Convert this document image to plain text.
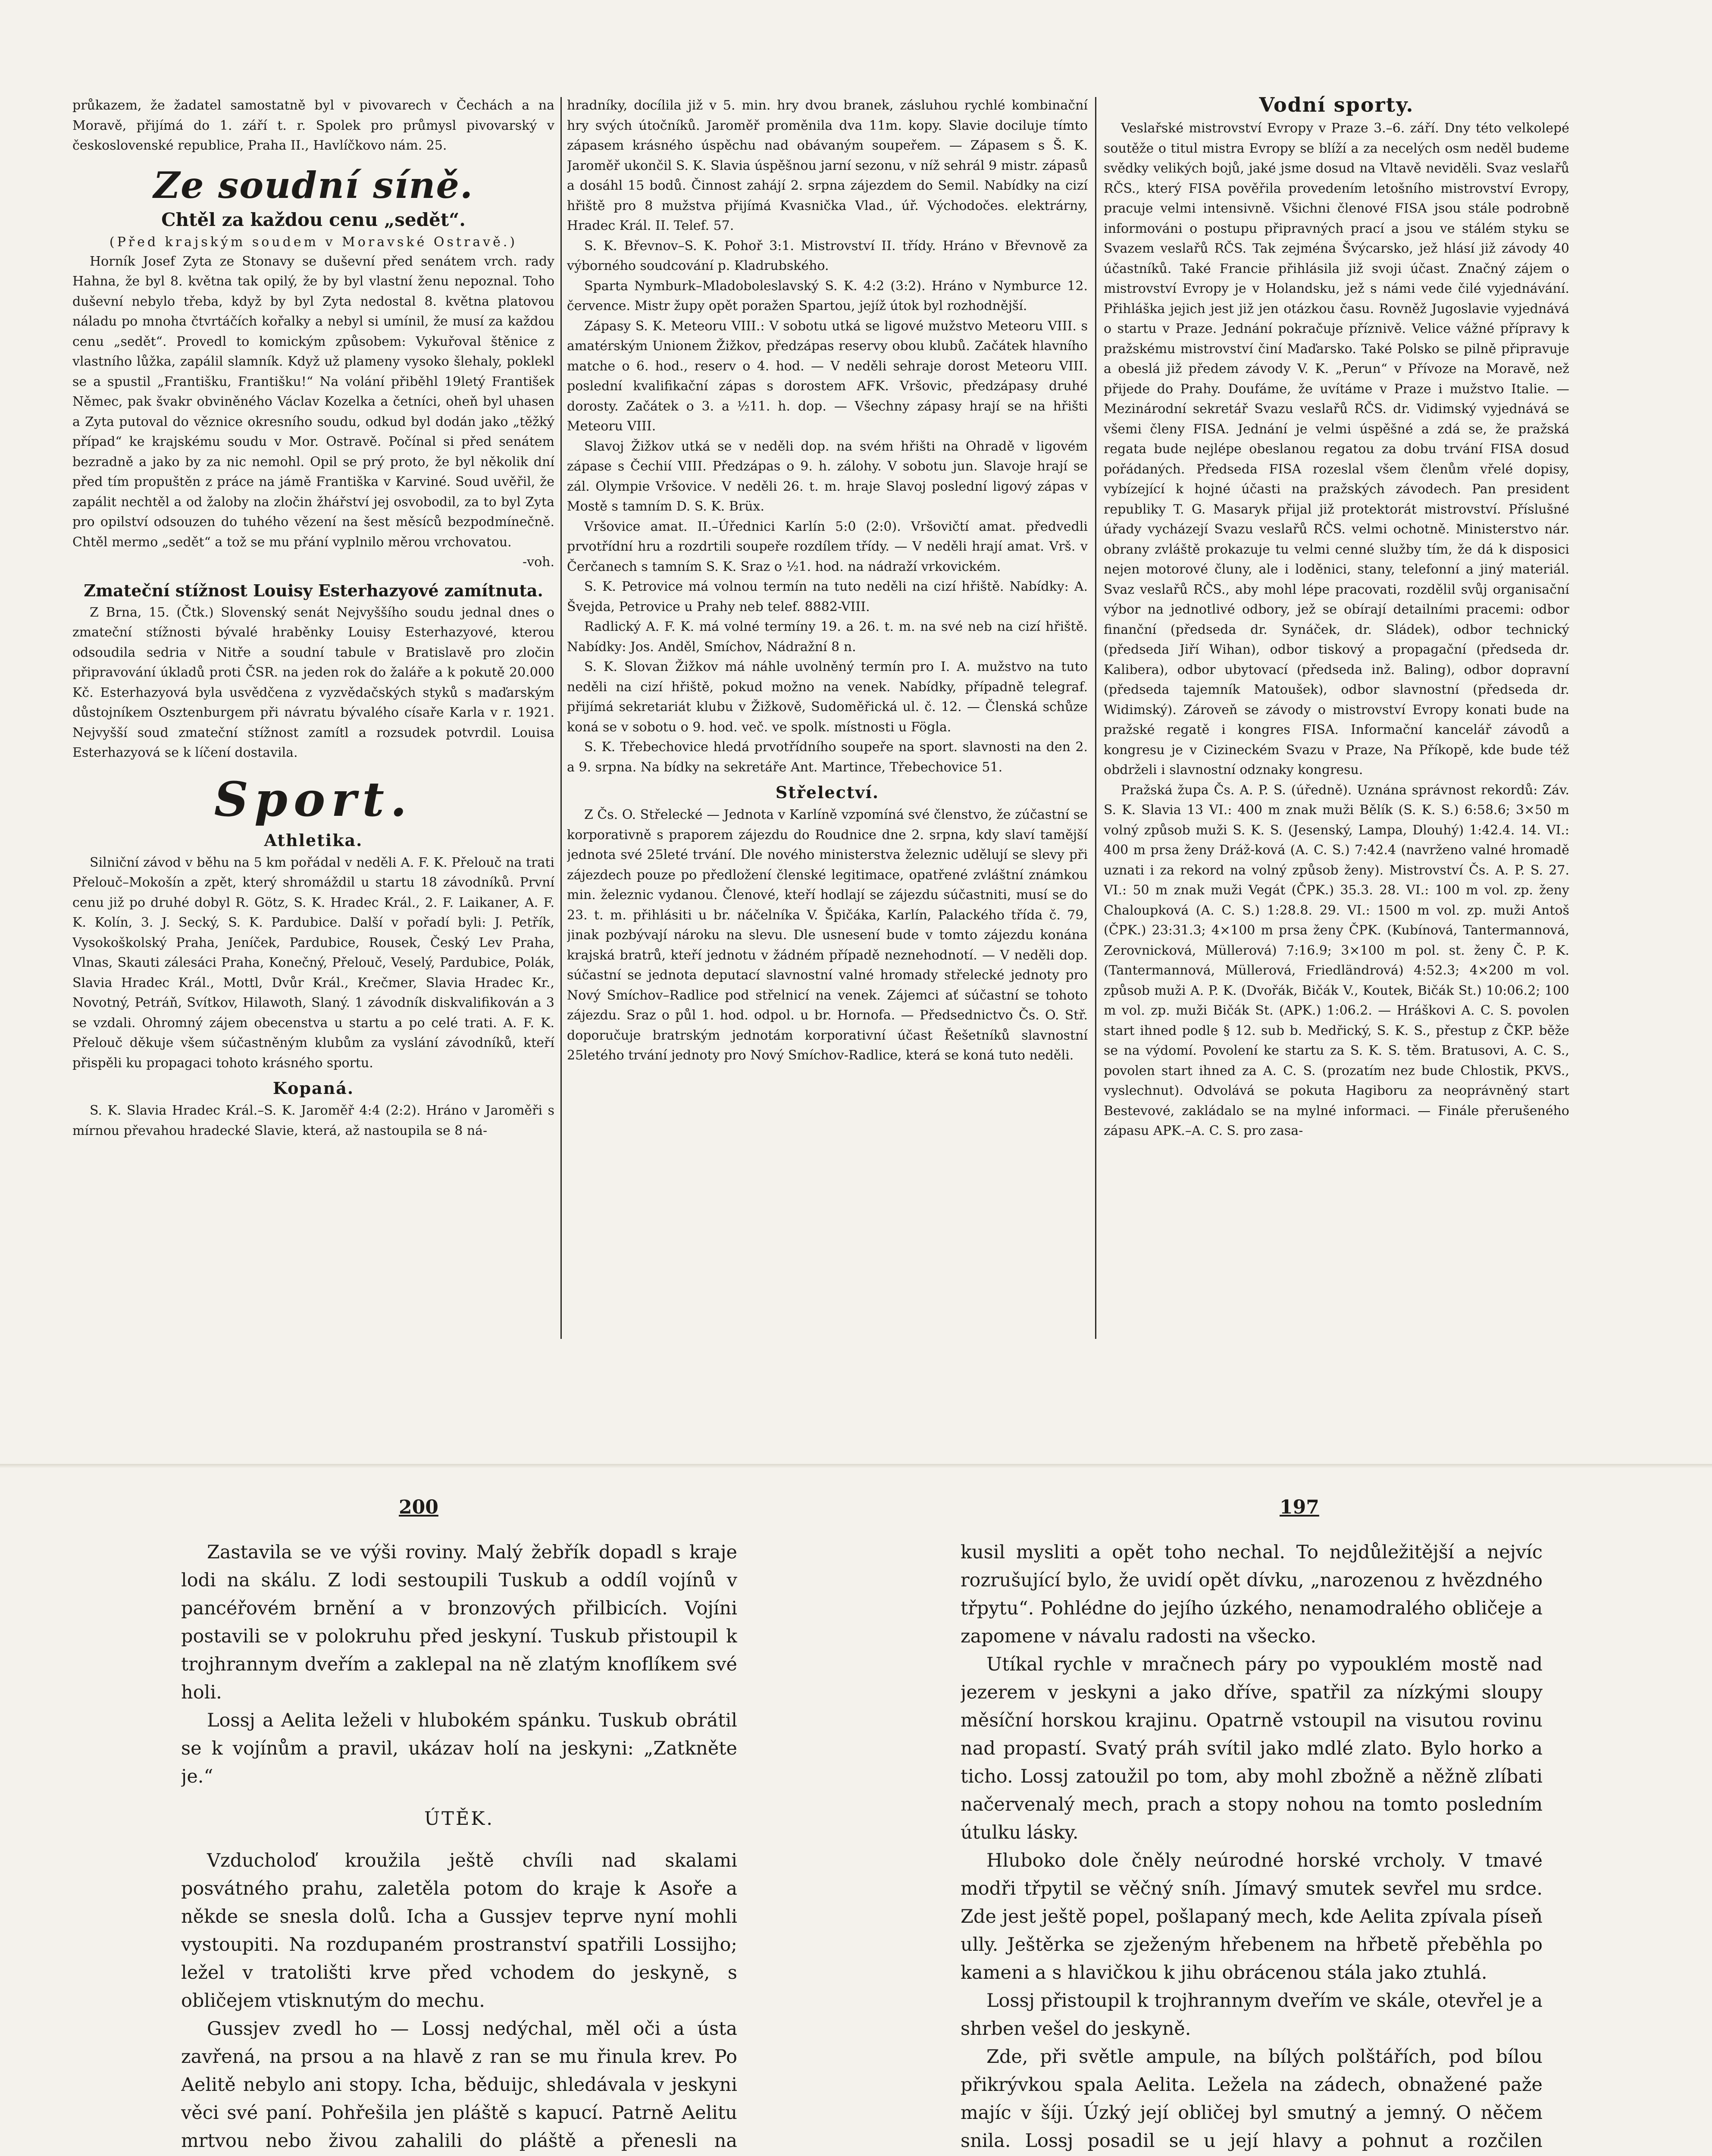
průkazem, že žadatel samostatně byl v pivovarech v Čechách a na Moravě, přijímá do 1. září t. r. Spolek pro průmysl pivovarský v československé republice, Praha II., Havlíčkovo nám. 25.

Ze soudní síně.
Chtěl za každou cenu „sedět“.
(Před krajským soudem v Moravské Ostravě.)

Horník Josef Zyta ze Stonavy se duševní před senátem vrch. rady Hahna, že byl 8. května tak opilý, že by byl vlastní ženu nepoznal. Toho duševní nebylo třeba, když by byl Zyta nedostal 8. května platovou náladu po mnoha čtvrtáčích kořalky a nebyl si umínil, že musí za každou cenu „sedět“. Provedl to komickým způsobem: Vykuřoval štěnice z vlastního lůžka, zapálil slamník. Když už plameny vysoko šlehaly, poklekl se a spustil „Františku, Františku!“ Na volání přiběhl 19letý František Němec, pak švakr obviněného Václav Kozelka a četníci, oheň byl uhasen a Zyta putoval do věznice okresního soudu, odkud byl dodán jako „těžký případ“ ke krajskému soudu v Mor. Ostravě. Počínal si před senátem bezradně a jako by za nic nemohl. Opil se prý proto, že byl několik dní před tím propuštěn z práce na jámě Františka v Karviné. Soud uvěřil, že zapálit nechtěl a od žaloby na zločin žhářství jej osvobodil, za to byl Zyta pro opilství odsouzen do tuhého vězení na šest měsíců bezpodmínečně. Chtěl mermo „sedět“ a tož se mu přání vyplnilo měrou vrchovatou.

-voh.
Zmateční stížnost Louisy Esterhazyové zamítnuta.

Z Brna, 15. (Čtk.) Slovenský senát Nejvyššího soudu jednal dnes o zmateční stížnosti bývalé hraběnky Louisy Esterhazyové, kterou odsoudila sedria v Nitře a soudní tabule v Bratislavě pro zločin připravování úkladů proti ČSR. na jeden rok do žaláře a k pokutě 20.000 Kč. Esterhazyová byla usvědčena z vyzvědačských styků s maďarským důstojníkem Osztenburgem při návratu bývalého císaře Karla v r. 1921. Nejvyšší soud zmateční stížnost zamítl a rozsudek potvrdil. Louisa Esterhazyová se k líčení dostavila.

Sport.
Athletika.

Silniční závod v běhu na 5 km pořádal v neděli A. F. K. Přelouč na trati Přelouč–Mokošín a zpět, který shromáždil u startu 18 závodníků. První cenu již po druhé dobyl R. Götz, S. K. Hradec Král., 2. F. Laikaner, A. F. K. Kolín, 3. J. Secký, S. K. Pardubice. Další v pořadí byli: J. Petřík, Vysokoškolský Praha, Jeníček, Pardubice, Rousek, Český Lev Praha, Vlnas, Skauti zálesáci Praha, Konečný, Přelouč, Veselý, Pardubice, Polák, Slavia Hradec Král., Mottl, Dvůr Král., Krečmer, Slavia Hradec Kr., Novotný, Petráň, Svítkov, Hilawoth, Slaný. 1 závodník diskvalifikován a 3 se vzdali. Ohromný zájem obecenstva u startu a po celé trati. A. F. K. Přelouč děkuje všem súčastněným klubům za vyslání závodníků, kteří přispěli ku propagaci tohoto krásného sportu.

Kopaná.

S. K. Slavia Hradec Král.–S. K. Jaroměř 4:4 (2:2). Hráno v Jaroměři s mírnou převahou hradecké Slavie, která, až nastoupila se 8 ná-

hradníky, docílila již v 5. min. hry dvou branek, zásluhou rychlé kombinační hry svých útočníků. Jaroměř proměnila dva 11m. kopy. Slavie dociluje tímto zápasem krásného úspěchu nad obávaným soupeřem. — Zápasem s Š. K. Jaroměř ukončil S. K. Slavia úspěšnou jarní sezonu, v níž sehrál 9 mistr. zápasů a dosáhl 15 bodů. Činnost zahájí 2. srpna zájezdem do Semil. Nabídky na cizí hřiště pro 8 mužstva přijímá Kvasnička Vlad., úř. Východočes. elektrárny, Hradec Král. II. Telef. 57.

S. K. Břevnov–S. K. Pohoř 3:1. Mistrovství II. třídy. Hráno v Břevnově za výborného soudcování p. Kladrubského.

Sparta Nymburk–Mladoboleslavský S. K. 4:2 (3:2). Hráno v Nymburce 12. července. Mistr župy opět poražen Spartou, jejíž útok byl rozhodnější.

Zápasy S. K. Meteoru VIII.: V sobotu utká se ligové mužstvo Meteoru VIII. s amatérským Unionem Žižkov, předzápas reservy obou klubů. Začátek hlavního matche o 6. hod., reserv o 4. hod. — V neděli sehraje dorost Meteoru VIII. poslední kvalifikační zápas s dorostem AFK. Vršovic, předzápasy druhé dorosty. Začátek o 3. a ½11. h. dop. — Všechny zápasy hrají se na hřišti Meteoru VIII.

Slavoj Žižkov utká se v neděli dop. na svém hřišti na Ohradě v ligovém zápase s Čechií VIII. Předzápas o 9. h. zálohy. V sobotu jun. Slavoje hrají se zál. Olympie Vršovice. V neděli 26. t. m. hraje Slavoj poslední ligový zápas v Mostě s tamním D. S. K. Brüx.

Vršovice amat. II.–Úřednici Karlín 5:0 (2:0). Vršovičtí amat. předvedli prvotřídní hru a rozdrtili soupeře rozdílem třídy. — V neděli hrají amat. Vrš. v Čerčanech s tamním S. K. Sraz o ½1. hod. na nádraží vrkovickém.

S. K. Petrovice má volnou termín na tuto neděli na cizí hřiště. Nabídky: A. Švejda, Petrovice u Prahy neb telef. 8882-VIII.

Radlický A. F. K. má volné termíny 19. a 26. t. m. na své neb na cizí hřiště. Nabídky: Jos. Anděl, Smíchov, Nádražní 8 n.

S. K. Slovan Žižkov má náhle uvolněný termín pro I. A. mužstvo na tuto neděli na cizí hřiště, pokud možno na venek. Nabídky, případně telegraf. přijímá sekretariát klubu v Žižkově, Sudoměřická ul. č. 12. — Členská schůze koná se v sobotu o 9. hod. več. ve spolk. místnosti u Fögla.

S. K. Třebechovice hledá prvotřídního soupeře na sport. slavnosti na den 2. a 9. srpna. Na bídky na sekretáře Ant. Martince, Třebechovice 51.

Střelectví.

Z Čs. O. Střelecké — Jednota v Karlíně vzpomíná své členstvo, že zúčastní se korporativně s praporem zájezdu do Roudnice dne 2. srpna, kdy slaví tamější jednota své 25leté trvání. Dle nového ministerstva železnic udělují se slevy při zájezdech pouze po předložení členské legitimace, opatřené zvláštní známkou min. železnic vydanou. Členové, kteří hodlají se zájezdu súčastniti, musí se do 23. t. m. přihlásiti u br. náčelníka V. Špičáka, Karlín, Palackého třída č. 79, jinak pozbývají nároku na slevu. Dle usnesení bude v tomto zájezdu konána krajská bratrů, kteří jednotu v žádném případě neznehodnotí. — V neděli dop. súčastní se jednota deputací slavnostní valné hromady střelecké jednoty pro Nový Smíchov–Radlice pod střelnicí na venek. Zájemci ať súčastní se tohoto zájezdu. Sraz o půl 1. hod. odpol. u br. Hornofa. — Předsednictvo Čs. O. Stř. doporučuje bratrským jednotám korporativní účast Řešetníků slavnostní 25letého trvání jednoty pro Nový Smíchov-Radlice, která se koná tuto neděli.

Vodní sporty.

Veslařské mistrovství Evropy v Praze 3.–6. září. Dny této velkolepé soutěže o titul mistra Evropy se blíží a za necelých osm neděl budeme svědky velikých bojů, jaké jsme dosud na Vltavě neviděli. Svaz veslařů RČS., který FISA pověřila provedením letošního mistrovství Evropy, pracuje velmi intensivně. Všichni členové FISA jsou stále podrobně informováni o postupu připravných prací a jsou ve stálém styku se Svazem veslařů RČS. Tak zejména Švýcarsko, jež hlásí již závody 40 účastníků. Také Francie přihlásila již svoji účast. Značný zájem o mistrovství Evropy je v Holandsku, jež s námi vede čilé vyjednávání. Přihláška jejich jest již jen otázkou času. Rovněž Jugoslavie vyjednává o startu v Praze. Jednání pokračuje příznivě. Velice vážné přípravy k pražskému mistrovství činí Maďarsko. Také Polsko se pilně připravuje a obeslá již předem závody V. K. „Perun“ v Přívoze na Moravě, než přijede do Prahy. Doufáme, že uvítáme v Praze i mužstvo Italie. — Mezinárodní sekretář Svazu veslařů RČS. dr. Vidimský vyjednává se všemi členy FISA. Jednání je velmi úspěšné a zdá se, že pražská regata bude nejlépe obeslanou regatou za dobu trvání FISA dosud pořádaných. Předseda FISA rozeslal všem členům vřelé dopisy, vybízející k hojné účasti na pražských závodech. Pan president republiky T. G. Masaryk přijal již protektorát mistrovství. Příslušné úřady vycházejí Svazu veslařů RČS. velmi ochotně. Ministerstvo nár. obrany zvláště prokazuje tu velmi cenné služby tím, že dá k disposici nejen motorové čluny, ale i loděnici, stany, telefonní a jiný materiál. Svaz veslařů RČS., aby mohl lépe pracovati, rozdělil svůj organisační výbor na jednotlivé odbory, jež se obírají detailními pracemi: odbor finanční (předseda dr. Synáček, dr. Sládek), odbor technický (předseda Jiří Wihan), odbor tiskový a propagační (předseda dr. Kalibera), odbor ubytovací (předseda inž. Baling), odbor dopravní (předseda tajemník Matoušek), odbor slavnostní (předseda dr. Widimský). Zároveň se závody o mistrovství Evropy konati bude na pražské regatě i kongres FISA. Informační kancelář závodů a kongresu je v Cizineckém Svazu v Praze, Na Příkopě, kde bude též obdrželi i slavnostní odznaky kongresu.

Pražská župa Čs. A. P. S. (úředně). Uznána správnost rekordů: Záv. S. K. Slavia 13 VI.: 400 m znak muži Bělík (S. K. S.) 6:58.6; 3×50 m volný způsob muži S. K. S. (Jesenský, Lampa, Dlouhý) 1:42.4. 14. VI.: 400 m prsa ženy Dráž-ková (A. C. S.) 7:42.4 (navrženo valné hromadě uznati i za rekord na volný způsob ženy). Mistrovství Čs. A. P. S. 27. VI.: 50 m znak muži Vegát (ČPK.) 35.3. 28. VI.: 100 m vol. zp. ženy Chaloupková (A. C. S.) 1:28.8. 29. VI.: 1500 m vol. zp. muži Antoš (ČPK.) 23:31.3; 4×100 m prsa ženy ČPK. (Kubínová, Tantermannová, Zerovnicková, Müllerová) 7:16.9; 3×100 m pol. st. ženy Č. P. K. (Tantermannová, Müllerová, Friedländrová) 4:52.3; 4×200 m vol. způsob muži A. P. K. (Dvořák, Bičák V., Koutek, Bičák St.) 10:06.2; 100 m vol. zp. muži Bičák St. (APK.) 1:06.2. — Hráškovi A. C. S. povolen start ihned podle § 12. sub b. Medřický, S. K. S., přestup z ČKP. běže se na výdomí. Povolení ke startu za S. K. S. těm. Bratusovi, A. C. S., povolen start ihned za A. C. S. (prozatím nez bude Chlostik, PKVS., vyslechnut). Odvolává se pokuta Hagiboru za neoprávněný start Bestevové, zakládalo se na mylné informaci. — Finále přerušeného zápasu APK.–A. C. S. pro zasa-

200	197

Zastavila se ve výši roviny. Malý žebřík dopadl s kraje lodi na skálu. Z lodi sestoupili Tuskub a oddíl vojínů v pancéřovém brnění a v bronzových přilbicích. Vojíni postavili se v polokruhu před jeskyní. Tuskub přistoupil k trojhrannym dveřím a zaklepal na ně zlatým knoflíkem své holi.

Lossj a Aelita leželi v hlubokém spánku. Tuskub obrátil se k vojínům a pravil, ukázav holí na jeskyni: „Zatkněte je.“

ÚTĚK.

Vzducholoď kroužila ještě chvíli nad skalami posvátného prahu, zaletěla potom do kraje k Asoře a někde se snesla dolů. Icha a Gussjev teprve nyní mohli vystoupiti. Na rozdupaném prostranství spatřili Lossijho; ležel v tratolišti krve před vchodem do jeskyně, s obličejem vtisknutým do mechu.

Gussjev zvedl ho — Lossj nedýchal, měl oči a ústa zavřená, na prsou a na hlavě z ran se mu řinula krev. Po Aelitě nebylo ani stopy. Icha, běduijc, shledávala v jeskyni věci své paní. Pohřešila jen pláště s kapucí. Patrně Aelitu mrtvou nebo živou zahalili do pláště a přenesli na

kusil mysliti a opět toho nechal. To nejdůležitější a nejvíc rozrušující bylo, že uvidí opět dívku, „narozenou z hvězdného třpytu“. Pohlédne do jejího úzkého, nenamodralého obličeje a zapomene v návalu radosti na všecko.

Utíkal rychle v mračnech páry po vypouklém mostě nad jezerem v jeskyni a jako dříve, spatřil za nízkými sloupy měsíční horskou krajinu. Opatrně vstoupil na visutou rovinu nad propastí. Svatý práh svítil jako mdlé zlato. Bylo horko a ticho. Lossj zatoužil po tom, aby mohl zbožně a něžně zlíbati načervenalý mech, prach a stopy nohou na tomto posledním útulku lásky.

Hluboko dole čněly neúrodné horské vrcholy. V tmavé modři třpytil se věčný sníh. Jímavý smutek sevřel mu srdce. Zde jest ještě popel, pošlapaný mech, kde Aelita zpívala píseň ully. Ještěrka se zježeným hřebenem na hřbetě přeběhla po kameni a s hlavičkou k jihu obrácenou stála jako ztuhlá.

Lossj přistoupil k trojhrannym dveřím ve skále, otevřel je a shrben vešel do jeskyně.

Zde, při světle ampule, na bílých polštářích, pod bílou přikrývkou spala Aelita. Ležela na zádech, obnažené paže majíc v šíji. Úzký její obličej byl smutný a jemný. O něčem snila. Lossj posadil se u její hlavy a pohnut a rozčilen
